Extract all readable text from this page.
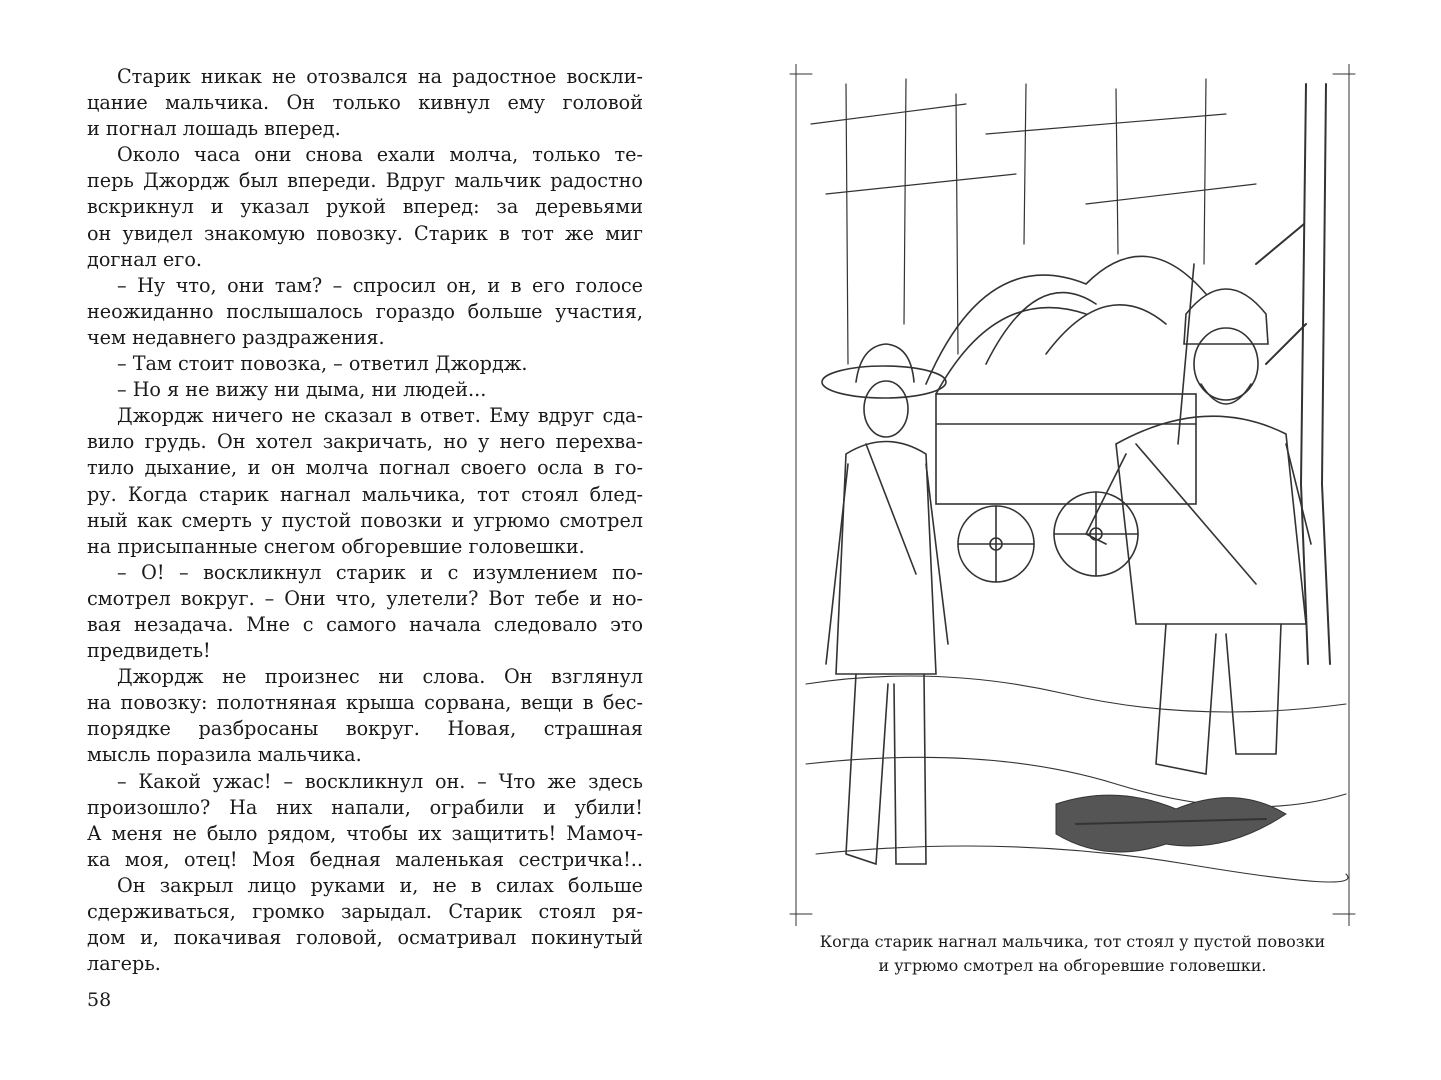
Старик никак не отозвался на радостное воскли-
цание мальчика. Он только кивнул ему головой
и погнал лошадь вперед.
Около часа они снова ехали молча, только те-
перь Джордж был впереди. Вдруг мальчик радостно
вскрикнул и указал рукой вперед: за деревьями
он увидел знакомую повозку. Старик в тот же миг
догнал его.
– Ну что, они там? – спросил он, и в его голосе
неожиданно послышалось гораздо больше участия,
чем недавнего раздражения.
– Там стоит повозка, – ответил Джордж.
– Но я не вижу ни дыма, ни людей...
Джордж ничего не сказал в ответ. Ему вдруг сда-
вило грудь. Он хотел закричать, но у него перехва-
тило дыхание, и он молча погнал своего осла в го-
ру. Когда старик нагнал мальчика, тот стоял блед-
ный как смерть у пустой повозки и угрюмо смотрел
на присыпанные снегом обгоревшие головешки.
– О! – воскликнул старик и с изумлением по-
смотрел вокруг. – Они что, улетели? Вот тебе и но-
вая незадача. Мне с самого начала следовало это
предвидеть!
Джордж не произнес ни слова. Он взглянул
на повозку: полотняная крыша сорвана, вещи в бес-
порядке разбросаны вокруг. Новая, страшная
мысль поразила мальчика.
– Какой ужас! – воскликнул он. – Что же здесь
произошло? На них напали, ограбили и убили!
А меня не было рядом, чтобы их защитить! Мамоч-
ка моя, отец! Моя бедная маленькая сестричка!..
Он закрыл лицо руками и, не в силах больше
сдерживаться, громко зарыдал. Старик стоял ря-
дом и, покачивая головой, осматривал покинутый
лагерь.
58
Когда старик нагнал мальчика, тот стоял у пустой повозки
и угрюмо смотрел на обгоревшие головешки.
